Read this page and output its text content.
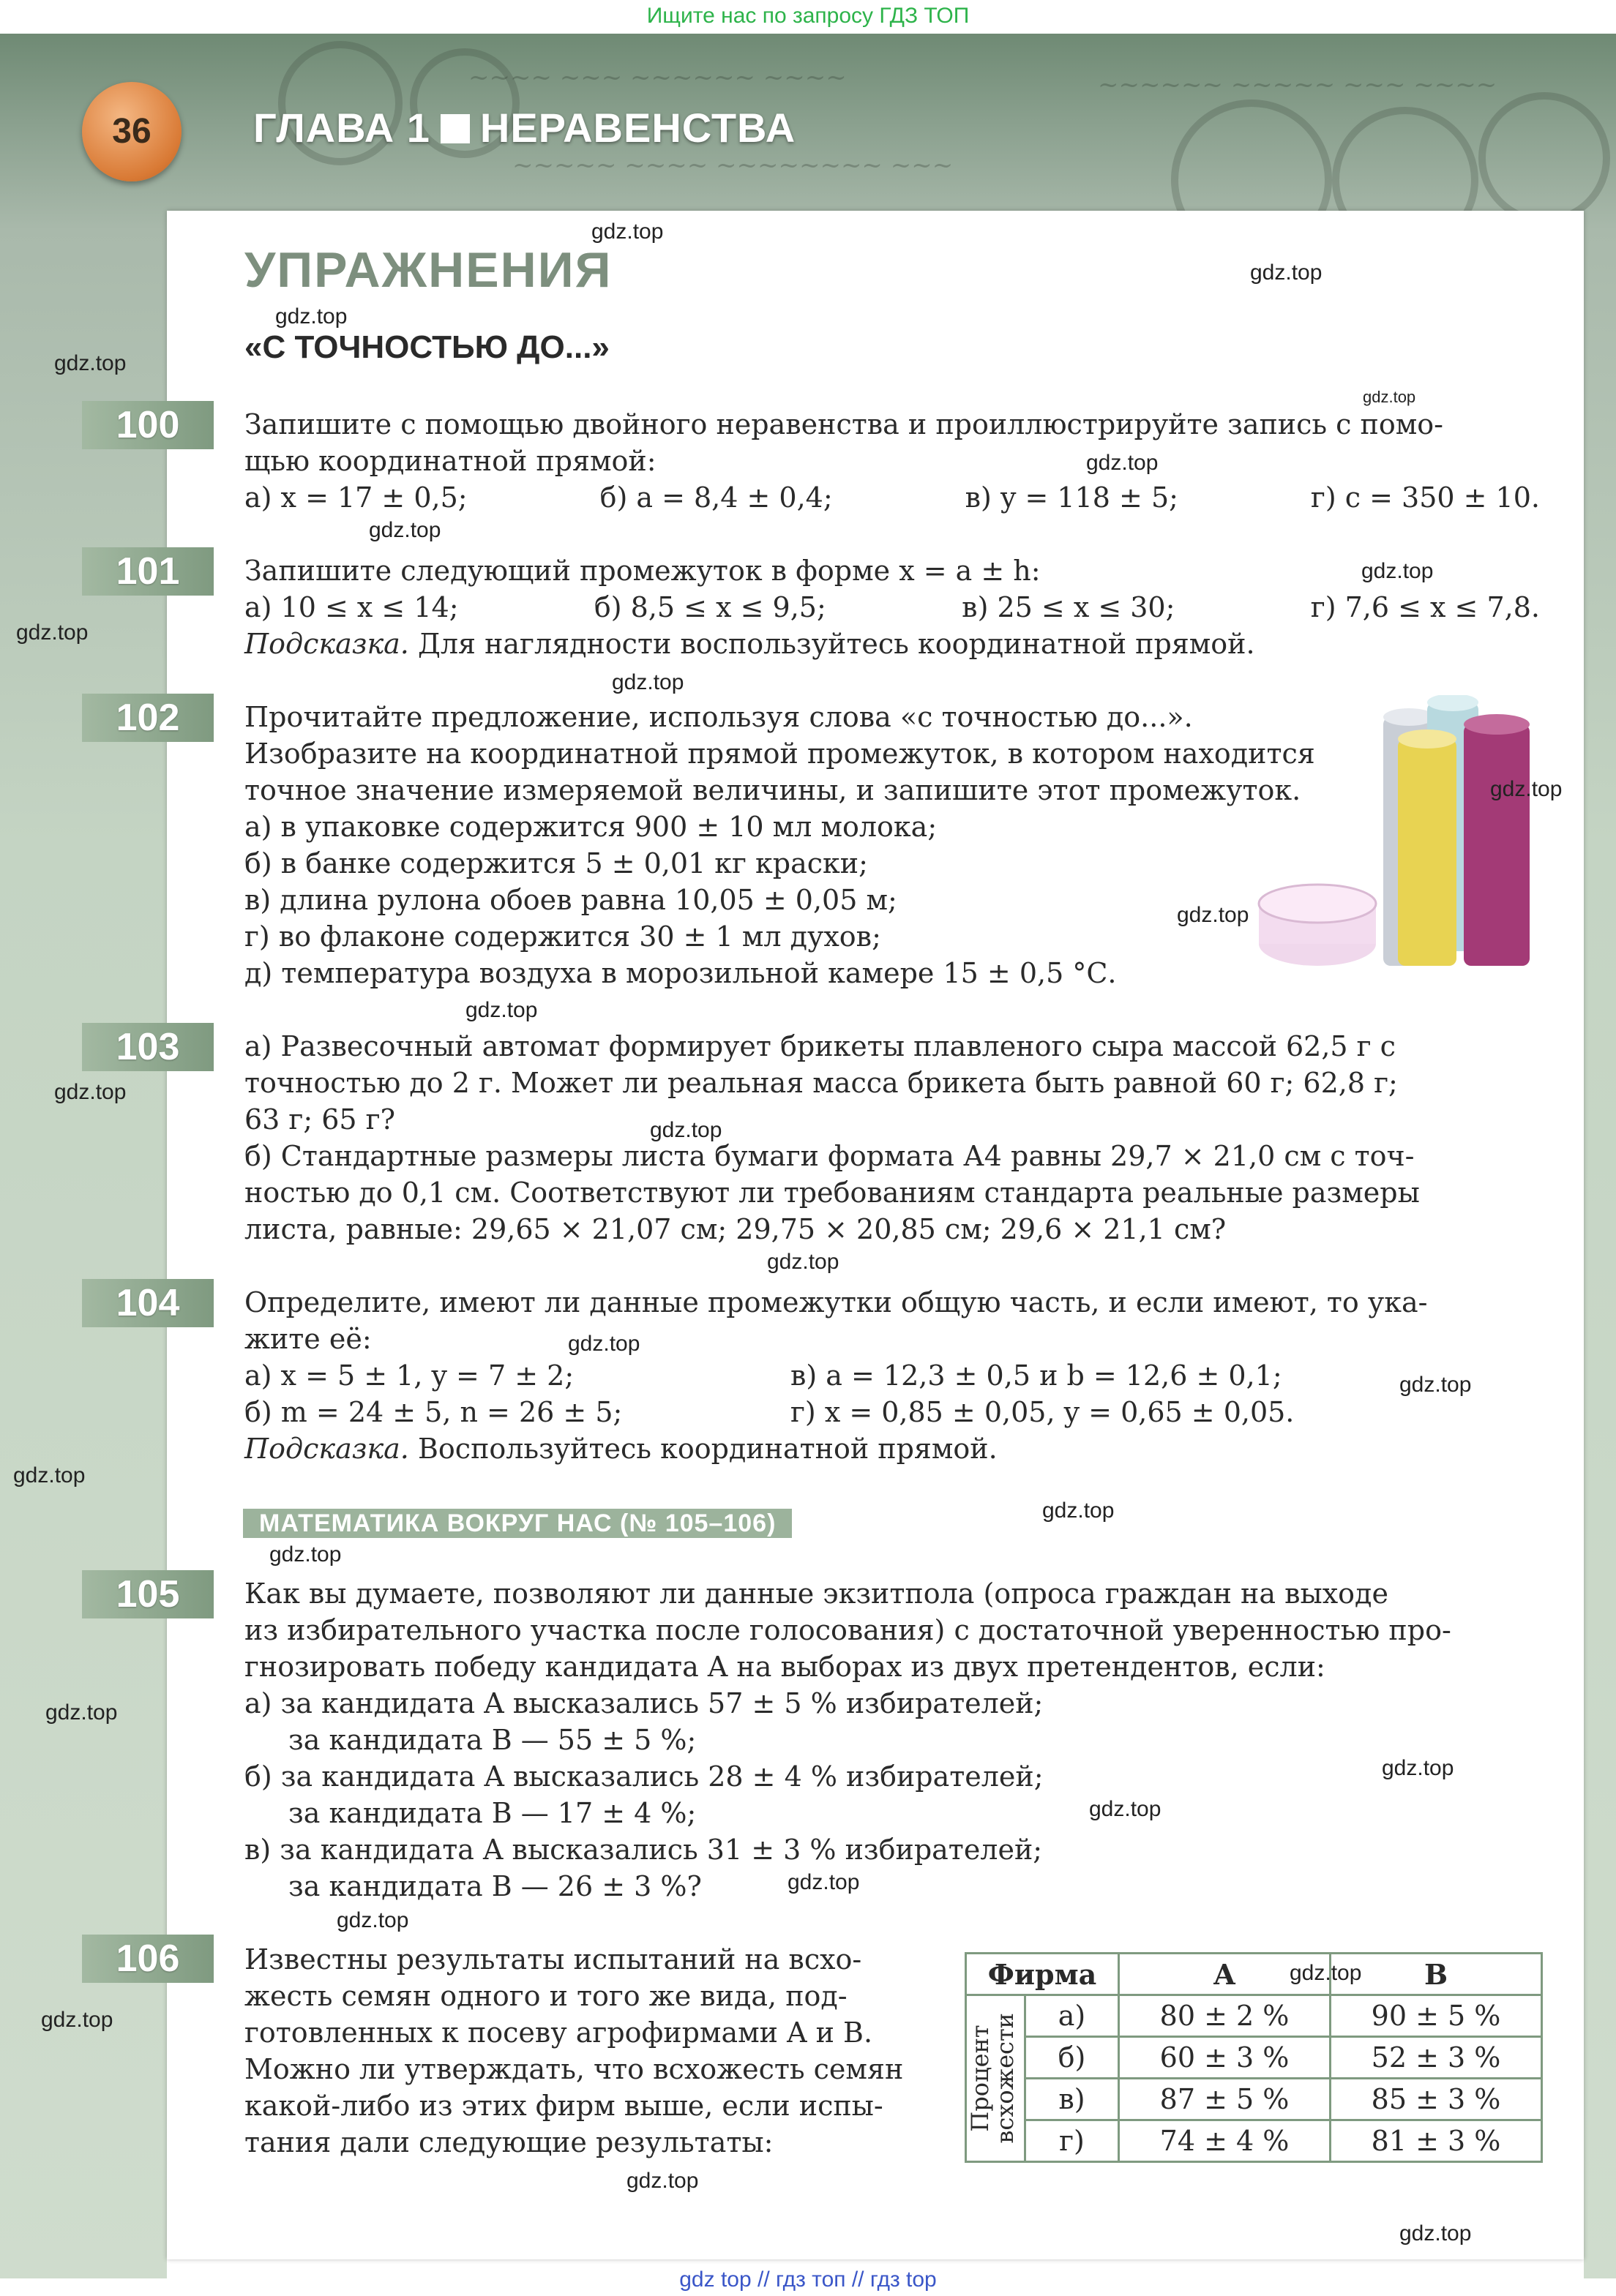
Ищите нас по запросу ГДЗ ТОП
~~~~ ~~~ ~~~~~~ ~~~~	~~~~~~ ~~~~~ ~~~ ~~~~
~~~~~ ~~~~ ~~~~~~~~ ~~~
36	ГЛАВА 1 НЕРАВЕНСТВА
УПРАЖНЕНИЯ
«С ТОЧНОСТЬЮ ДО...»
100	Запишите с помощью двойного неравенства и проиллюстрируйте запись с помо-
щью координатной прямой:
а) x = 17 ± 0,5;	б) a = 8,4 ± 0,4;	в) y = 118 ± 5;	г) c = 350 ± 10.
101	Запишите следующий промежуток в форме x = a ± h:
а) 10 ≤ x ≤ 14;	б) 8,5 ≤ x ≤ 9,5;	в) 25 ≤ x ≤ 30;	г) 7,6 ≤ x ≤ 7,8.
Подсказка. Для наглядности воспользуйтесь координатной прямой.
102	Прочитайте предложение, используя слова «с точностью до...».
Изобразите на координатной прямой промежуток, в котором находится
точное значение измеряемой величины, и запишите этот промежуток.
а) в упаковке содержится 900 ± 10 мл молока;
б) в банке содержится 5 ± 0,01 кг краски;
в) длина рулона обоев равна 10,05 ± 0,05 м;
г) во флаконе содержится 30 ± 1 мл духов;
д) температура воздуха в морозильной камере 15 ± 0,5 °С.
103	а) Развесочный автомат формирует брикеты плавленого сыра массой 62,5 г с
точностью до 2 г. Может ли реальная масса брикета быть равной 60 г; 62,8 г;
63 г; 65 г?
б) Стандартные размеры листа бумаги формата А4 равны 29,7 × 21,0 см с точ-
ностью до 0,1 см. Соответствуют ли требованиям стандарта реальные размеры
листа, равные: 29,65 × 21,07 см; 29,75 × 20,85 см; 29,6 × 21,1 см?
104	Определите, имеют ли данные промежутки общую часть, и если имеют, то ука-
жите её:
а) x = 5 ± 1, y = 7 ± 2;	в) a = 12,3 ± 0,5 и b = 12,6 ± 0,1;
б) m = 24 ± 5, n = 26 ± 5;	г) x = 0,85 ± 0,05, y = 0,65 ± 0,05.
Подсказка. Воспользуйтесь координатной прямой.
МАТЕМАТИКА ВОКРУГ НАС (№ 105–106)
105	Как вы думаете, позволяют ли данные экзитпола (опроса граждан на выходе
из избирательного участка после голосования) с достаточной уверенностью про-
гнозировать победу кандидата A на выборах из двух претендентов, если:
а) за кандидата A высказались 57 ± 5 % избирателей;
за кандидата B — 55 ± 5 %;
б) за кандидата A высказались 28 ± 4 % избирателей;
за кандидата B — 17 ± 4 %;
в) за кандидата A высказались 31 ± 3 % избирателей;
за кандидата B — 26 ± 3 %?
106	Известны результаты испытаний на всхо-
жесть семян одного и того же вида, под-
готовленных к посеву агрофирмами A и B.
Можно ли утверждать, что всхожесть семян
какой-либо из этих фирм выше, если испы-
тания дали следующие результаты:
Фирма		A	B

Процент
всхожести	а)	80 ± 2 %	90 ± 5 %
	б)	60 ± 3 %	52 ± 3 %
	в)	87 ± 5 %	85 ± 3 %
	г)	74 ± 4 %	81 ± 3 %
gdz.top
gdz.top
gdz.top
gdz.top
gdz.top
gdz.top
gdz.top
gdz.top
gdz.top
gdz.top
gdz.top
gdz.top
gdz.top
gdz.top
gdz.top
gdz.top
gdz.top
gdz.top
gdz.top
gdz.top
gdz.top
gdz.top
gdz.top
gdz.top
gdz.top
gdz.top
gdz.top
gdz.top
gdz.top
gdz.top
gdz top // гдз топ // гдз top
